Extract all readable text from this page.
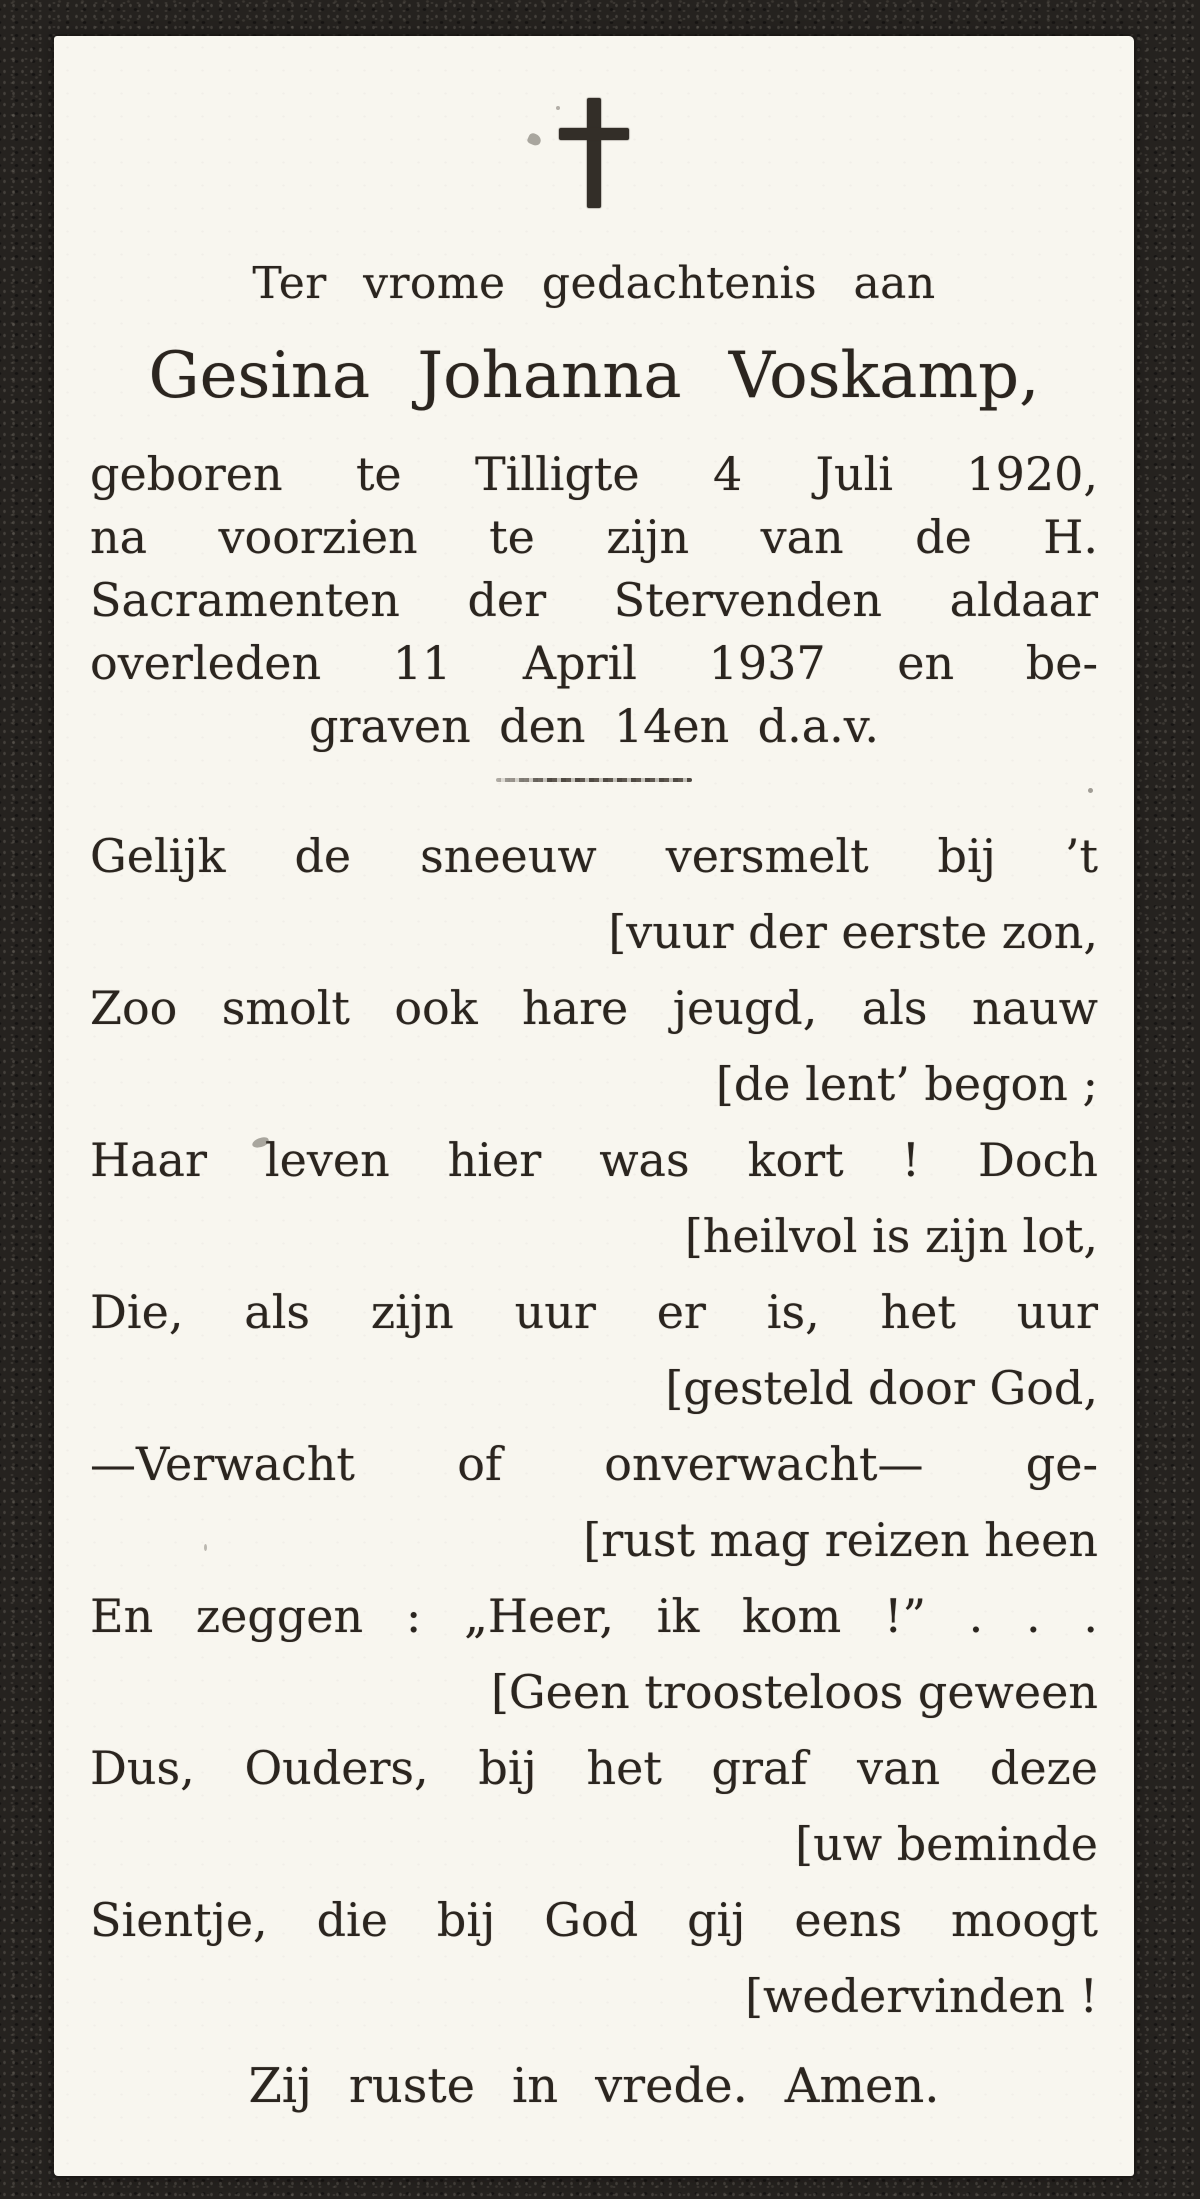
Ter vrome gedachtenis aan
Gesina Johanna Voskamp,
geboren te Tilligte 4 Juli 1920,
na voorzien te zijn van de H.
Sacramenten der Stervenden aldaar
overleden 11 April 1937 en be-
graven den 14en d.a.v.
Gelijk de sneeuw versmelt bij ’t
[vuur der eerste zon,
Zoo smolt ook hare jeugd, als nauw
[de lent’ begon ;
Haar leven hier was kort ! Doch
[heilvol is zijn lot,
Die, als zijn uur er is, het uur
[gesteld door God,
—Verwacht of onverwacht— ge-
[rust mag reizen heen
En zeggen : „Heer, ik kom !” . . .
[Geen troosteloos geween
Dus, Ouders, bij het graf van deze
[uw beminde
Sientje, die bij God gij eens moogt
[wedervinden !
Zij ruste in vrede. Amen.
